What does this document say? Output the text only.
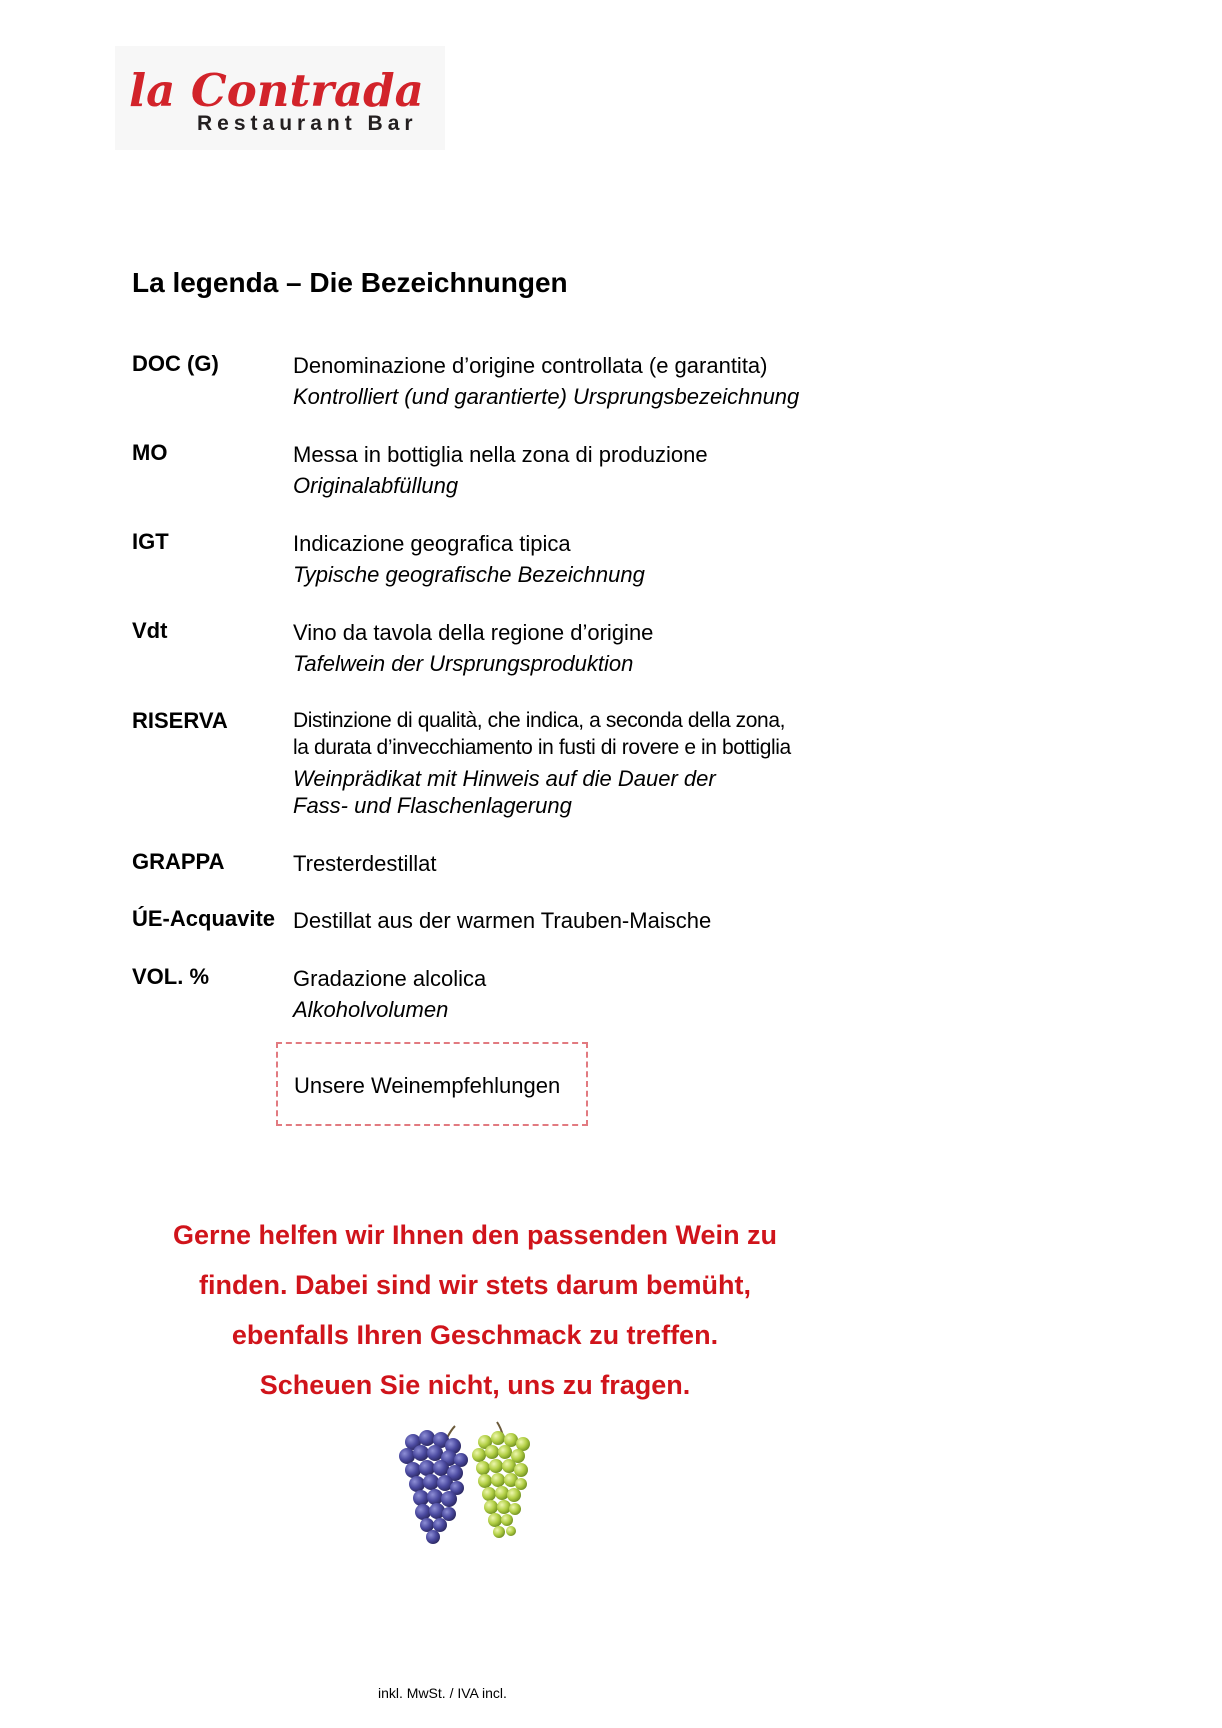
la Contrada
Restaurant Bar
La legenda – Die Bezeichnungen
DOC (G)	Denominazione d’origine controllata (e garantita)

Kontrolliert (und garantierte) Ursprungsbezeichnung

MO	Messa in bottiglia nella zona di produzione

Originalabfüllung

IGT	Indicazione geografica tipica

Typische geografische Bezeichnung

Vdt	Vino da tavola della regione d’origine

Tafelwein der Ursprungsproduktion

RISERVA	Distinzione di qualità, che indica, a seconda della zona,

la durata d’invecchiamento in fusti di rovere e in bottiglia

Weinprädikat mit Hinweis auf die Dauer der

Fass- und Flaschenlagerung

GRAPPA	Tresterdestillat

ÚE-Acquavite Destillat aus der warmen Trauben-Maische

VOL. %	Gradazione alcolica

Alkoholvolumen

Unsere Weinempfehlungen
Gerne helfen wir Ihnen den passenden Wein zu
finden. Dabei sind wir stets darum bemüht,
ebenfalls Ihren Geschmack zu treffen.
Scheuen Sie nicht, uns zu fragen.
inkl. MwSt. / IVA incl.
